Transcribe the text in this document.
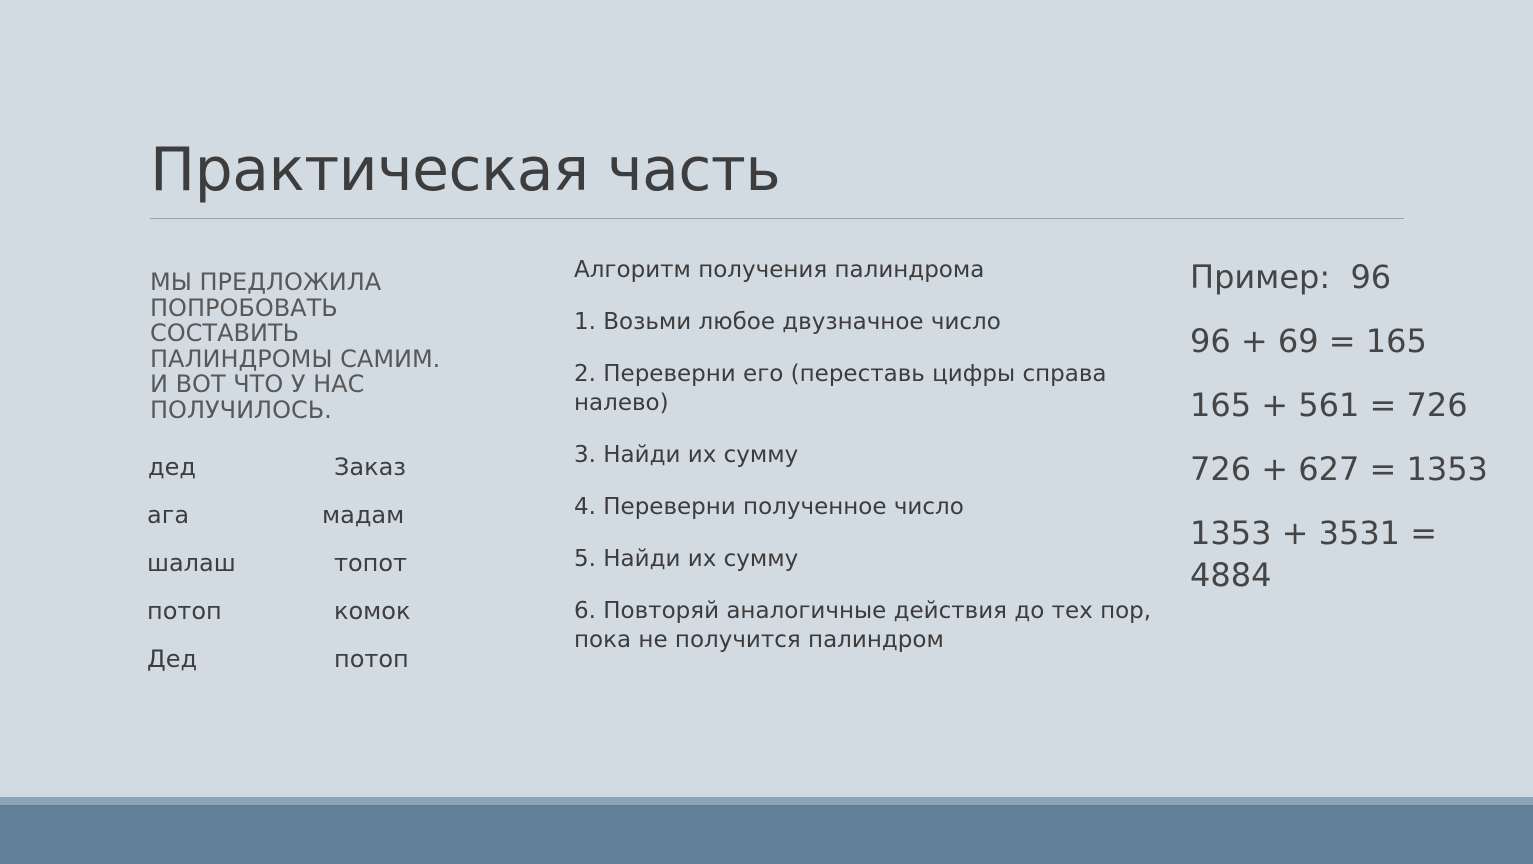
Практическая часть
МЫ ПРЕДЛОЖИЛА
ПОПРОБОВАТЬ
СОСТАВИТЬ
ПАЛИНДРОМЫ САМИМ.
И ВОТ ЧТО У НАС
ПОЛУЧИЛОСЬ.
дед	Заказ
ага	мадам
шалаш	топот
потоп	комок
Дед	потоп

Алгоритм получения палиндрома

1. Возьми любое двузначное число

2. Переверни его (переставь цифры справа налево)

3. Найди их сумму

4. Переверни полученное число

5. Найди их сумму

6. Повторяй аналогичные действия до тех пор, пока не получится палиндром

Пример:  96

96 + 69 = 165

165 + 561 = 726

726 + 627 = 1353

1353 + 3531 = 4884
